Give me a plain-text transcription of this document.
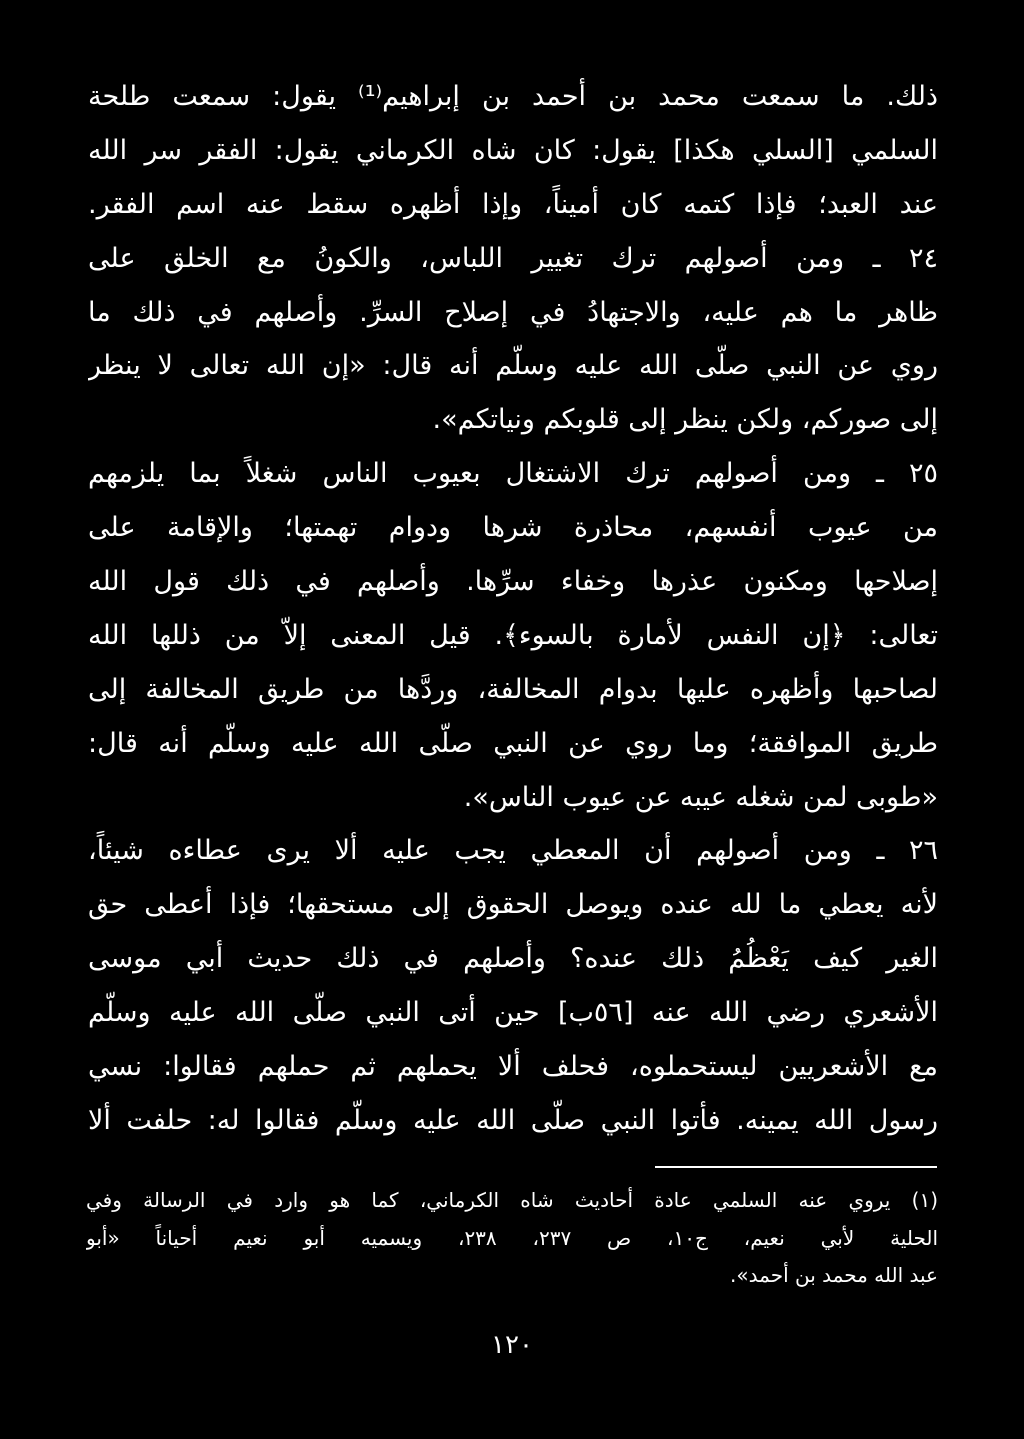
ذلك. ما سمعت محمد بن أحمد بن إبراهيم⁽¹⁾ يقول: سمعت طلحة
السلمي [السلي هكذا] يقول: كان شاه الكرماني يقول: الفقر سر الله
عند العبد؛ فإذا كتمه كان أميناً، وإذا أظهره سقط عنه اسم الفقر.
٢٤ ـ ومن أصولهم ترك تغيير اللباس، والكونُ مع الخلق على
ظاهر ما هم عليه، والاجتهادُ في إصلاح السرِّ. وأصلهم في ذلك ما
روي عن النبي صلّى الله عليه وسلّم أنه قال: «إن الله تعالى لا ينظر
إلى صوركم، ولكن ينظر إلى قلوبكم ونياتكم».
٢٥ ـ ومن أصولهم ترك الاشتغال بعيوب الناس شغلاً بما يلزمهم
من عيوب أنفسهم، محاذرة شرها ودوام تهمتها؛ والإقامة على
إصلاحها ومكنون عذرها وخفاء سرِّها. وأصلهم في ذلك قول الله
تعالى: ﴿إن النفس لأمارة بالسوء﴾. قيل المعنى إلاّ من ذللها الله
لصاحبها وأظهره عليها بدوام المخالفة، وردَّها من طريق المخالفة إلى
طريق الموافقة؛ وما روي عن النبي صلّى الله عليه وسلّم أنه قال:
«طوبى لمن شغله عيبه عن عيوب الناس».
٢٦ ـ ومن أصولهم أن المعطي يجب عليه ألا يرى عطاءه شيئاً،
لأنه يعطي ما لله عنده ويوصل الحقوق إلى مستحقها؛ فإذا أعطى حق
الغير كيف يَعْظُمُ ذلك عنده؟ وأصلهم في ذلك حديث أبي موسى
الأشعري رضي الله عنه [٥٦ب] حين أتى النبي صلّى الله عليه وسلّم
مع الأشعريين ليستحملوه، فحلف ألا يحملهم ثم حملهم فقالوا: نسي
رسول الله يمينه. فأتوا النبي صلّى الله عليه وسلّم فقالوا له: حلفت ألا
(١) يروي عنه السلمي عادة أحاديث شاه الكرماني، كما هو وارد في الرسالة وفي
الحلية لأبي نعيم، ج١٠، ص ٢٣٧، ٢٣٨، ويسميه أبو نعيم أحياناً «أبو
عبد الله محمد بن أحمد».
١٢٠
